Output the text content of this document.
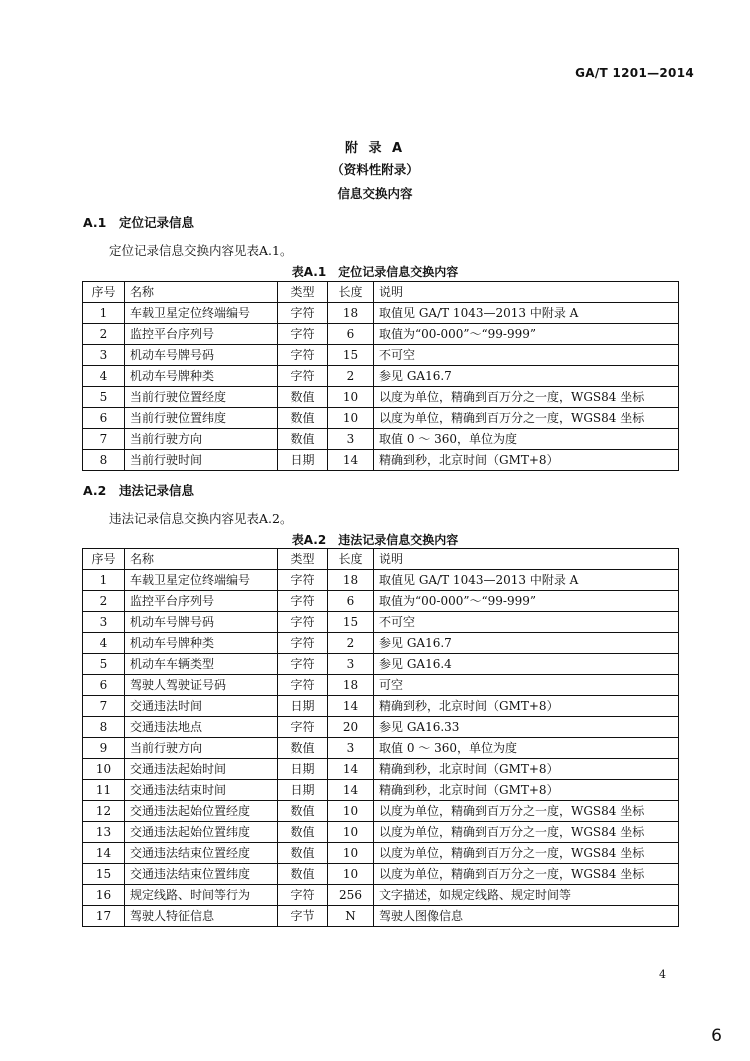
GA/T 1201—2014
附 录 A
（资料性附录）
信息交换内容
A.1 定位记录信息
定位记录信息交换内容见表A.1。
表A.1　定位记录信息交换内容
序号	名称	类型	长度	说明
1	车载卫星定位终端编号	字符	18	取值见 GA/T 1043—2013 中附录 A
2	监控平台序列号	字符	6	取值为“00-000”～“99-999”
3	机动车号牌号码	字符	15	不可空
4	机动车号牌种类	字符	2	参见 GA16.7
5	当前行驶位置经度	数值	10	以度为单位，精确到百万分之一度，WGS84 坐标
6	当前行驶位置纬度	数值	10	以度为单位，精确到百万分之一度，WGS84 坐标
7	当前行驶方向	数值	3	取值 0 ～ 360，单位为度
8	当前行驶时间	日期	14	精确到秒，北京时间（GMT+8）
A.2 违法记录信息
违法记录信息交换内容见表A.2。
表A.2　违法记录信息交换内容
序号	名称	类型	长度	说明
1	车载卫星定位终端编号	字符	18	取值见 GA/T 1043—2013 中附录 A
2	监控平台序列号	字符	6	取值为“00-000”～“99-999”
3	机动车号牌号码	字符	15	不可空
4	机动车号牌种类	字符	2	参见 GA16.7
5	机动车车辆类型	字符	3	参见 GA16.4
6	驾驶人驾驶证号码	字符	18	可空
7	交通违法时间	日期	14	精确到秒，北京时间（GMT+8）
8	交通违法地点	字符	20	参见 GA16.33
9	当前行驶方向	数值	3	取值 0 ～ 360，单位为度
10	交通违法起始时间	日期	14	精确到秒，北京时间（GMT+8）
11	交通违法结束时间	日期	14	精确到秒，北京时间（GMT+8）
12	交通违法起始位置经度	数值	10	以度为单位，精确到百万分之一度，WGS84 坐标
13	交通违法起始位置纬度	数值	10	以度为单位，精确到百万分之一度，WGS84 坐标
14	交通违法结束位置经度	数值	10	以度为单位，精确到百万分之一度，WGS84 坐标
15	交通违法结束位置纬度	数值	10	以度为单位，精确到百万分之一度，WGS84 坐标
16	规定线路、时间等行为	字符	256	文字描述，如规定线路、规定时间等
17	驾驶人特征信息	字节	N	驾驶人图像信息
4
6
